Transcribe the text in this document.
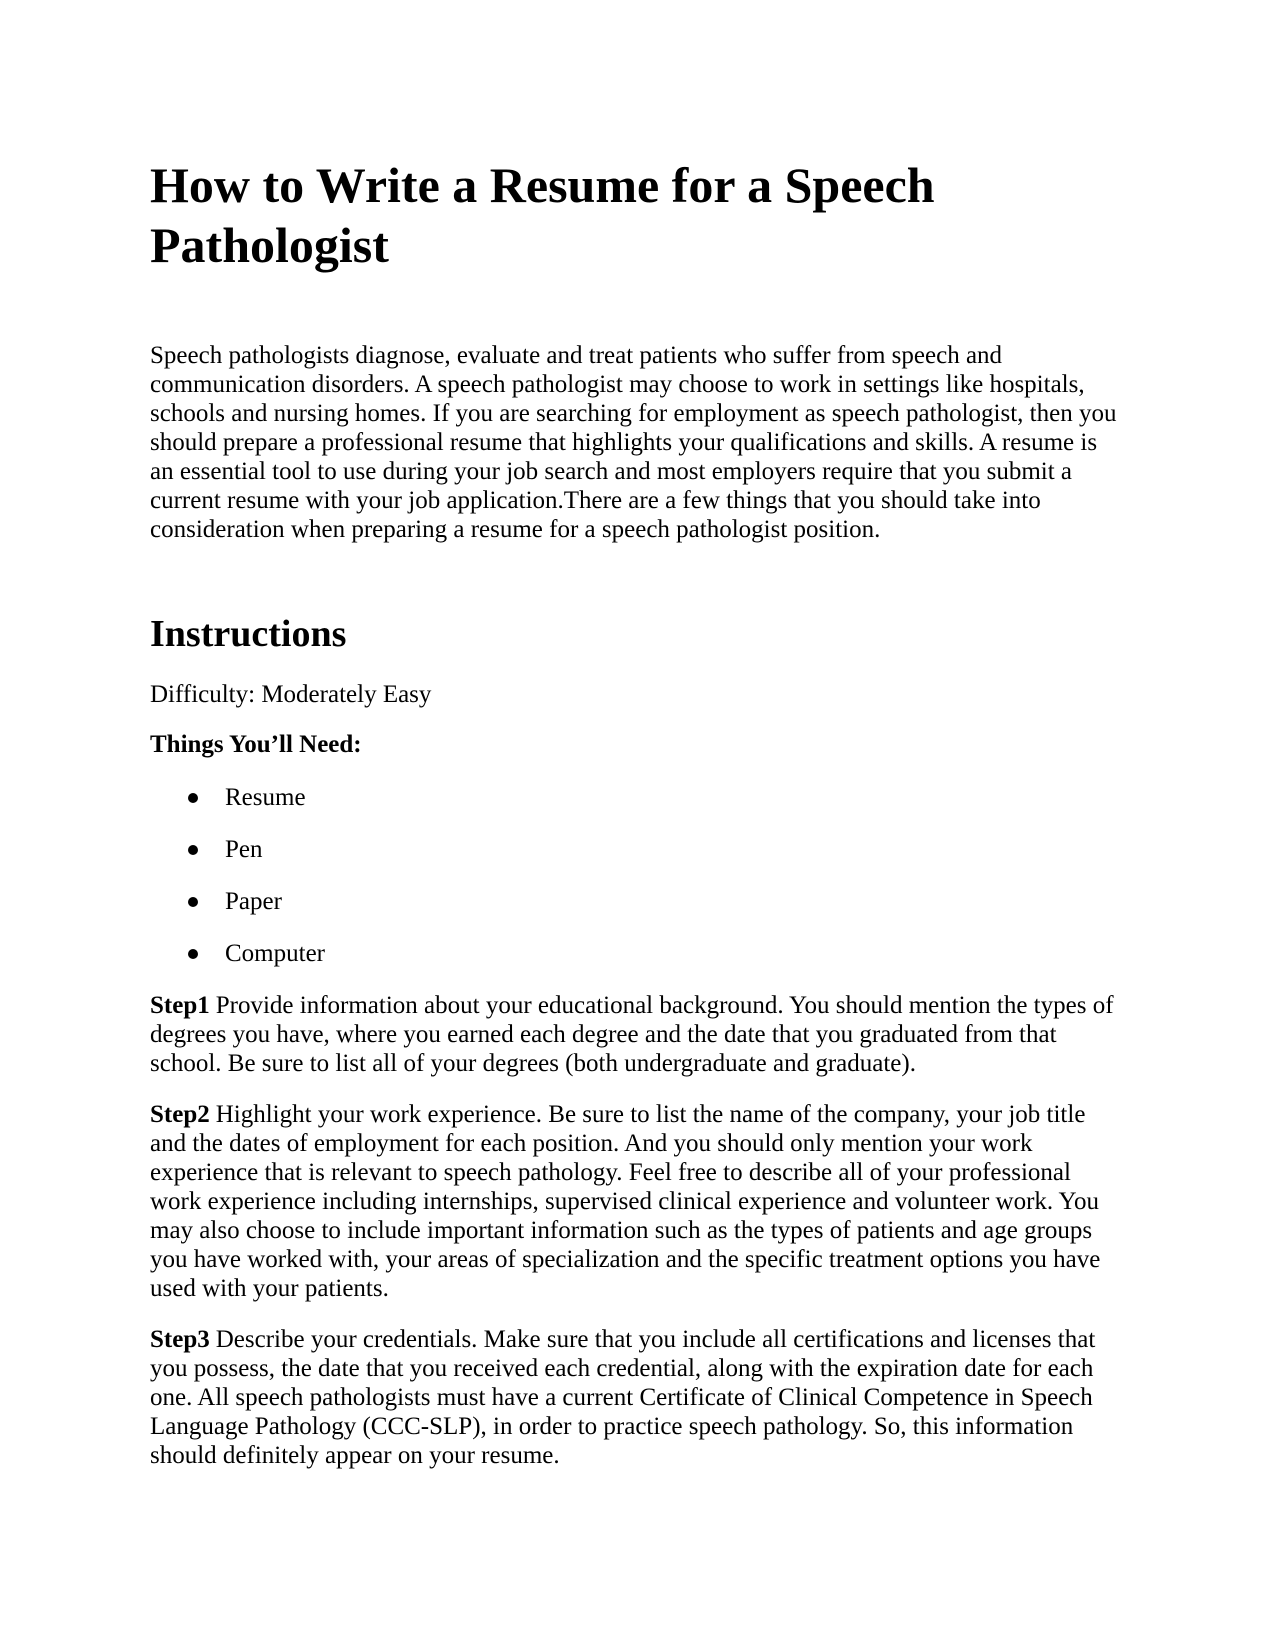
How to Write a Resume for a Speech Pathologist

Speech pathologists diagnose, evaluate and treat patients who suffer from speech and communication disorders. A speech pathologist may choose to work in settings like hospitals, schools and nursing homes. If you are searching for employment as speech pathologist, then you should prepare a professional resume that highlights your qualifications and skills. A resume is an essential tool to use during your job search and most employers require that you submit a current resume with your job application.There are a few things that you should take into consideration when preparing a resume for a speech pathologist position.

Instructions

Difficulty: Moderately Easy

Things You’ll Need:

Resume
Pen
Paper
Computer

Step1 Provide information about your educational background. You should mention the types of degrees you have, where you earned each degree and the date that you graduated from that school. Be sure to list all of your degrees (both undergraduate and graduate).

Step2 Highlight your work experience. Be sure to list the name of the company, your job title and the dates of employment for each position. And you should only mention your work experience that is relevant to speech pathology. Feel free to describe all of your professional work experience including internships, supervised clinical experience and volunteer work. You may also choose to include important information such as the types of patients and age groups you have worked with, your areas of specialization and the specific treatment options you have used with your patients.

Step3 Describe your credentials. Make sure that you include all certifications and licenses that you possess, the date that you received each credential, along with the expiration date for each one. All speech pathologists must have a current Certificate of Clinical Competence in Speech Language Pathology (CCC-SLP), in order to practice speech pathology. So, this information should definitely appear on your resume.
